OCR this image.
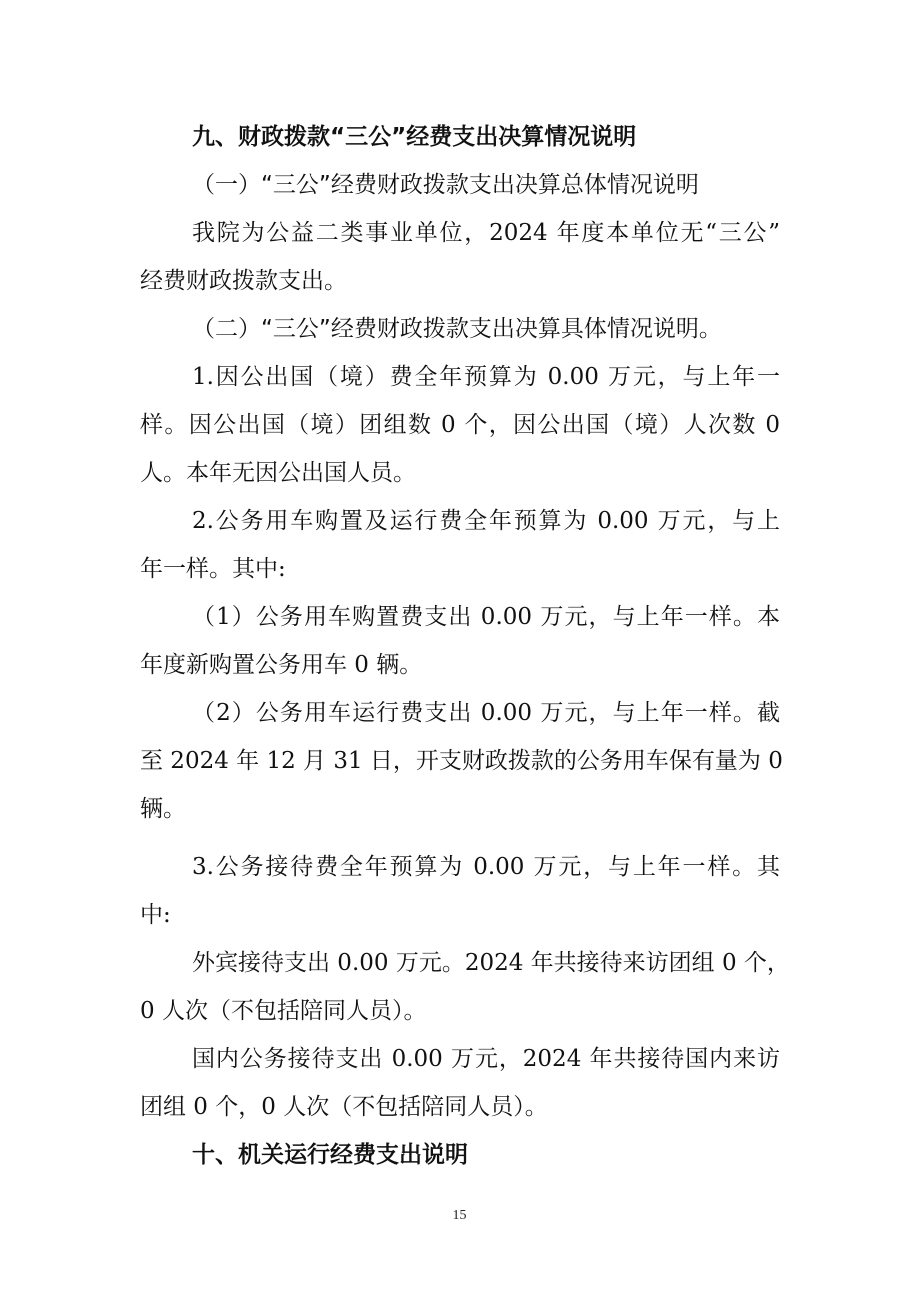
九、财政拨款“三公”经费支出决算情况说明
（一）“三公”经费财政拨款支出决算总体情况说明
我院为公益二类事业单位，2024 年度本单位无“三公”
经费财政拨款支出。
（二）“三公”经费财政拨款支出决算具体情况说明。
1.因公出国（境）费全年预算为 0.00 万元，与上年一
样。因公出国（境）团组数 0 个，因公出国（境）人次数 0
人。本年无因公出国人员。
2.公务用车购置及运行费全年预算为 0.00 万元，与上
年一样。其中:
（1）公务用车购置费支出 0.00 万元，与上年一样。本
年度新购置公务用车 0 辆。
（2）公务用车运行费支出 0.00 万元，与上年一样。截
至 2024 年 12 月 31 日，开支财政拨款的公务用车保有量为 0
辆。
3.公务接待费全年预算为 0.00 万元，与上年一样。其
中:
外宾接待支出 0.00 万元。2024 年共接待来访团组 0 个，
0 人次（不包括陪同人员）。
国内公务接待支出 0.00 万元，2024 年共接待国内来访
团组 0 个，0 人次（不包括陪同人员）。
十、机关运行经费支出说明
15
